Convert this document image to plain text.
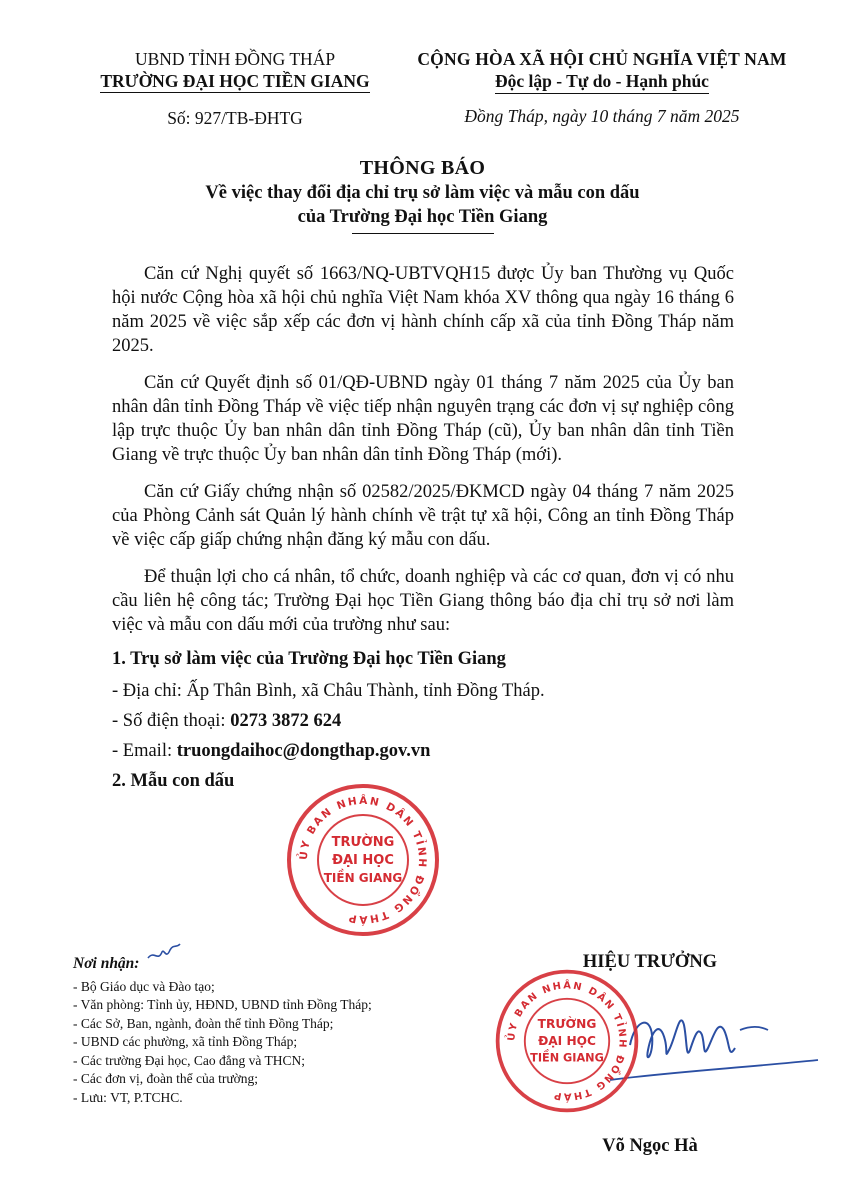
UBND TỈNH ĐỒNG THÁP
TRƯỜNG ĐẠI HỌC TIỀN GIANG
Số: 927/TB-ĐHTG
CỘNG HÒA XÃ HỘI CHỦ NGHĨA VIỆT NAM
Độc lập - Tự do - Hạnh phúc
Đồng Tháp, ngày 10 tháng 7 năm 2025
THÔNG BÁO
Về việc thay đổi địa chỉ trụ sở làm việc và mẫu con dấu
của Trường Đại học Tiền Giang

Căn cứ Nghị quyết số 1663/NQ-UBTVQH15 được Ủy ban Thường vụ Quốc hội nước Cộng hòa xã hội chủ nghĩa Việt Nam khóa XV thông qua ngày 16 tháng 6 năm 2025 về việc sắp xếp các đơn vị hành chính cấp xã của tỉnh Đồng Tháp năm 2025.

Căn cứ Quyết định số 01/QĐ-UBND ngày 01 tháng 7 năm 2025 của Ủy ban nhân dân tỉnh Đồng Tháp về việc tiếp nhận nguyên trạng các đơn vị sự nghiệp công lập trực thuộc Ủy ban nhân dân tỉnh Đồng Tháp (cũ), Ủy ban nhân dân tỉnh Tiền Giang về trực thuộc Ủy ban nhân dân tỉnh Đồng Tháp (mới).

Căn cứ Giấy chứng nhận số 02582/2025/ĐKMCD ngày 04 tháng 7 năm 2025 của Phòng Cảnh sát Quản lý hành chính về trật tự xã hội, Công an tỉnh Đồng Tháp về việc cấp giấp chứng nhận đăng ký mẫu con dấu.

Để thuận lợi cho cá nhân, tổ chức, doanh nghiệp và các cơ quan, đơn vị có nhu cầu liên hệ công tác; Trường Đại học Tiền Giang thông báo địa chỉ trụ sở nơi làm việc và mẫu con dấu mới của trường như sau:

1. Trụ sở làm việc của Trường Đại học Tiền Giang

- Địa chỉ: Ấp Thân Bình, xã Châu Thành, tỉnh Đồng Tháp.

- Số điện thoại: 0273 3872 624

- Email: truongdaihoc@dongthap.gov.vn

2. Mẫu con dấu

ỦY BAN NHÂN DÂN TỈNH ĐỒNG THÁP
TRƯỜNG
ĐẠI HỌC
TIỀN GIANG
Nơi nhận:
- Bộ Giáo dục và Đào tạo;
- Văn phòng: Tỉnh ủy, HĐND, UBND tỉnh Đồng Tháp;
- Các Sở, Ban, ngành, đoàn thể tỉnh Đồng Tháp;
- UBND các phường, xã tỉnh Đồng Tháp;
- Các trường Đại học, Cao đẳng và THCN;
- Các đơn vị, đoàn thể của trường;
- Lưu: VT, P.TCHC.
HIỆU TRƯỞNG
ỦY BAN NHÂN DÂN TỈNH ĐỒNG THÁP
TRƯỜNG
ĐẠI HỌC
TIỀN GIANG
Võ Ngọc Hà
